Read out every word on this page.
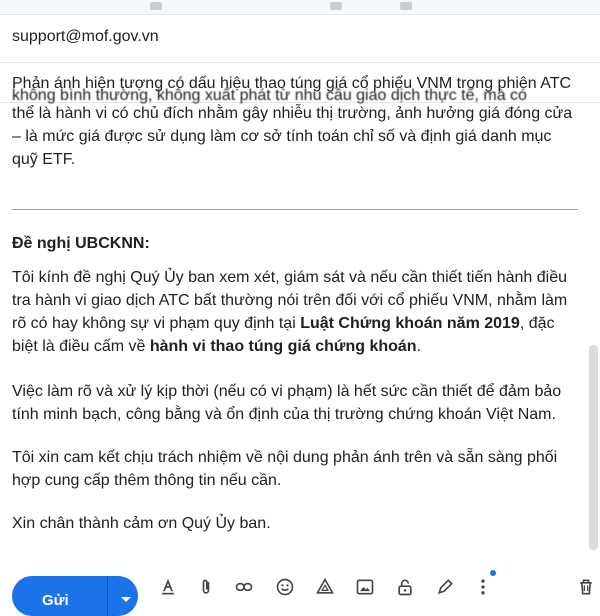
support@mof.gov.vn
Phản ánh hiện tượng có dấu hiệu thao túng giá cổ phiếu VNM trong phiên ATC
không bình thường, không xuất phát từ nhu cầu giao dịch thực tế, mà có

thể là hành vi có chủ đích nhằm gây nhiễu thị trường, ảnh hưởng giá đóng cửa – là mức giá được sử dụng làm cơ sở tính toán chỉ số và định giá danh mục quỹ ETF.

Đề nghị UBCKNN:

Tôi kính đề nghị Quý Ủy ban xem xét, giám sát và nếu cần thiết tiến hành điều tra hành vi giao dịch ATC bất thường nói trên đối với cổ phiếu VNM, nhằm làm rõ có hay không sự vi phạm quy định tại Luật Chứng khoán năm 2019, đặc biệt là điều cấm về hành vi thao túng giá chứng khoán.

Việc làm rõ và xử lý kịp thời (nếu có vi phạm) là hết sức cần thiết để đảm bảo tính minh bạch, công bằng và ổn định của thị trường chứng khoán Việt Nam.

Tôi xin cam kết chịu trách nhiệm về nội dung phản ánh trên và sẵn sàng phối hợp cung cấp thêm thông tin nếu cần.

Xin chân thành cảm ơn Quý Ủy ban.

Gửi
